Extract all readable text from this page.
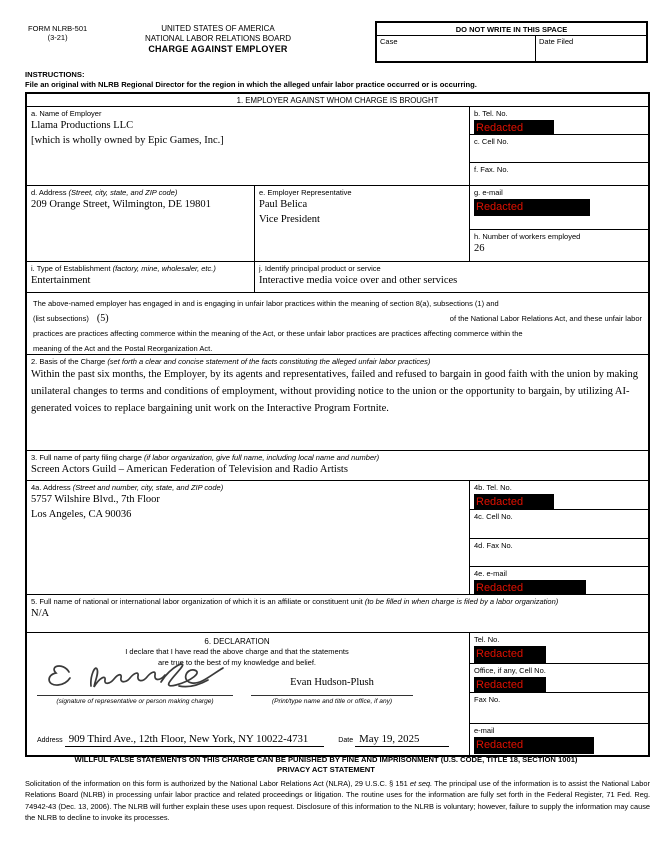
FORM NLRB-501
(3-21)
UNITED STATES OF AMERICA
NATIONAL LABOR RELATIONS BOARD
CHARGE AGAINST EMPLOYER
DO NOT WRITE IN THIS SPACE
Case	Date Filed
INSTRUCTIONS:
File an original with NLRB Regional Director for the region in which the alleged unfair labor practice occurred or is occurring.
1. EMPLOYER AGAINST WHOM CHARGE IS BROUGHT
a. Name of Employer
Llama Productions LLC
[which is wholly owned by Epic Games, Inc.]
b. Tel. No.
Redacted
c. Cell No.
f. Fax. No.
d. Address (Street, city, state, and ZIP code)
209 Orange Street, Wilmington, DE 19801
e. Employer Representative
Paul Belica
Vice President
g. e-mail
Redacted
h. Number of workers employed
26
i. Type of Establishment (factory, mine, wholesaler, etc.)
Entertainment
j. Identify principal product or service
Interactive media voice over and other services
The above-named employer has engaged in and is engaging in unfair labor practices within the meaning of section 8(a), subsections (1) and
(list subsections) (5)	of the National Labor Relations Act, and these unfair labor
practices are practices affecting commerce within the meaning of the Act, or these unfair labor practices are practices affecting commerce within the
meaning of the Act and the Postal Reorganization Act.
2. Basis of the Charge (set forth a clear and concise statement of the facts constituting the alleged unfair labor practices)
Within the past six months, the Employer, by its agents and representatives, failed and refused to bargain in good faith with the union by making unilateral changes to terms and conditions of employment, without providing notice to the union or the opportunity to bargain, by utilizing AI-generated voices to replace bargaining unit work on the Interactive Program Fortnite.
3. Full name of party filing charge (if labor organization, give full name, including local name and number)
Screen Actors Guild – American Federation of Television and Radio Artists
4a. Address (Street and number, city, state, and ZIP code)
5757 Wilshire Blvd., 7th Floor
Los Angeles, CA 90036
4b. Tel. No.
Redacted
4c. Cell No.
4d. Fax No.
4e. e-mail
Redacted
5. Full name of national or international labor organization of which it is an affiliate or constituent unit (to be filled in when charge is filed by a labor organization)
N/A
6. DECLARATION
I declare that I have read the above charge and that the statements
are true to the best of my knowledge and belief.
(signature of representative or person making charge)
Evan Hudson-Plush
(Print/type name and title or office, if any)
Address 909 Third Ave., 12th Floor, New York, NY 10022-4731	Date May 19, 2025
Tel. No.
Redacted
Office, if any, Cell No.
Redacted
Fax No.
e-mail
Redacted
WILLFUL FALSE STATEMENTS ON THIS CHARGE CAN BE PUNISHED BY FINE AND IMPRISONMENT (U.S. CODE, TITLE 18, SECTION 1001)
PRIVACY ACT STATEMENT
Solicitation of the information on this form is authorized by the National Labor Relations Act (NLRA), 29 U.S.C. § 151 et seq. The principal use of the information is to assist the National Labor Relations Board (NLRB) in processing unfair labor practice and related proceedings or litigation. The routine uses for the information are fully set forth in the Federal Register, 71 Fed. Reg. 74942-43 (Dec. 13, 2006). The NLRB will further explain these uses upon request. Disclosure of this information to the NLRB is voluntary; however, failure to supply the information may cause the NLRB to decline to invoke its processes.
